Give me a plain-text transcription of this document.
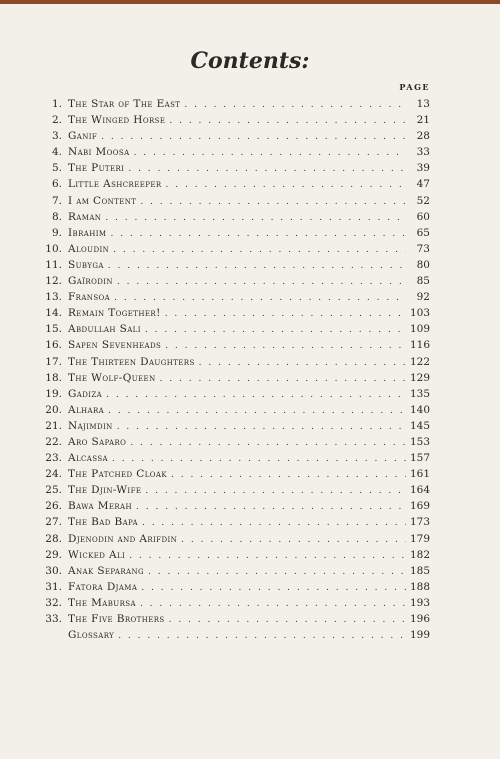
Contents:
PAGE
1. The Star of The East . . .	13
2. The Winged Horse . . .	21
3. Ganif . . .	28
4. Nabi Moosa . . .	33
5. The Puteri . . .	39
6. Little Ashcreeper . . .	47
7. I am Content . . .	52
8. Raman . . .	60
9. Ibrahim . . .	65
10. Aloudin . . .	73
11. Subyga . . .	80
12. Gaïrodin . . .	85
13. Fransoa . . .	92
14. Remain Together! . . .	103
15. Abdullah Sali . . .	109
16. Sapen Sevenheads . . .	116
17. The Thirteen Daughters . . .	122
18. The Wolf-Queen . . .	129
19. Gadiza . . .	135
20. Alhara . . .	140
21. Najimdin . . .	145
22. Aro Saparo . . .	153
23. Alcassa . . .	157
24. The Patched Cloak . . .	161
25. The Djin-Wife . . .	164
26. Bawa Merah . . .	169
27. The Bad Bapa . . .	173
28. Djenodin and Arifdin . . .	179
29. Wicked Ali . . .	182
30. Anak Separang . . .	185
31. Fatora Djama . . .	188
32. The Mabursa . . .	193
33. The Five Brothers . . .	196
Glossary . . .	199
